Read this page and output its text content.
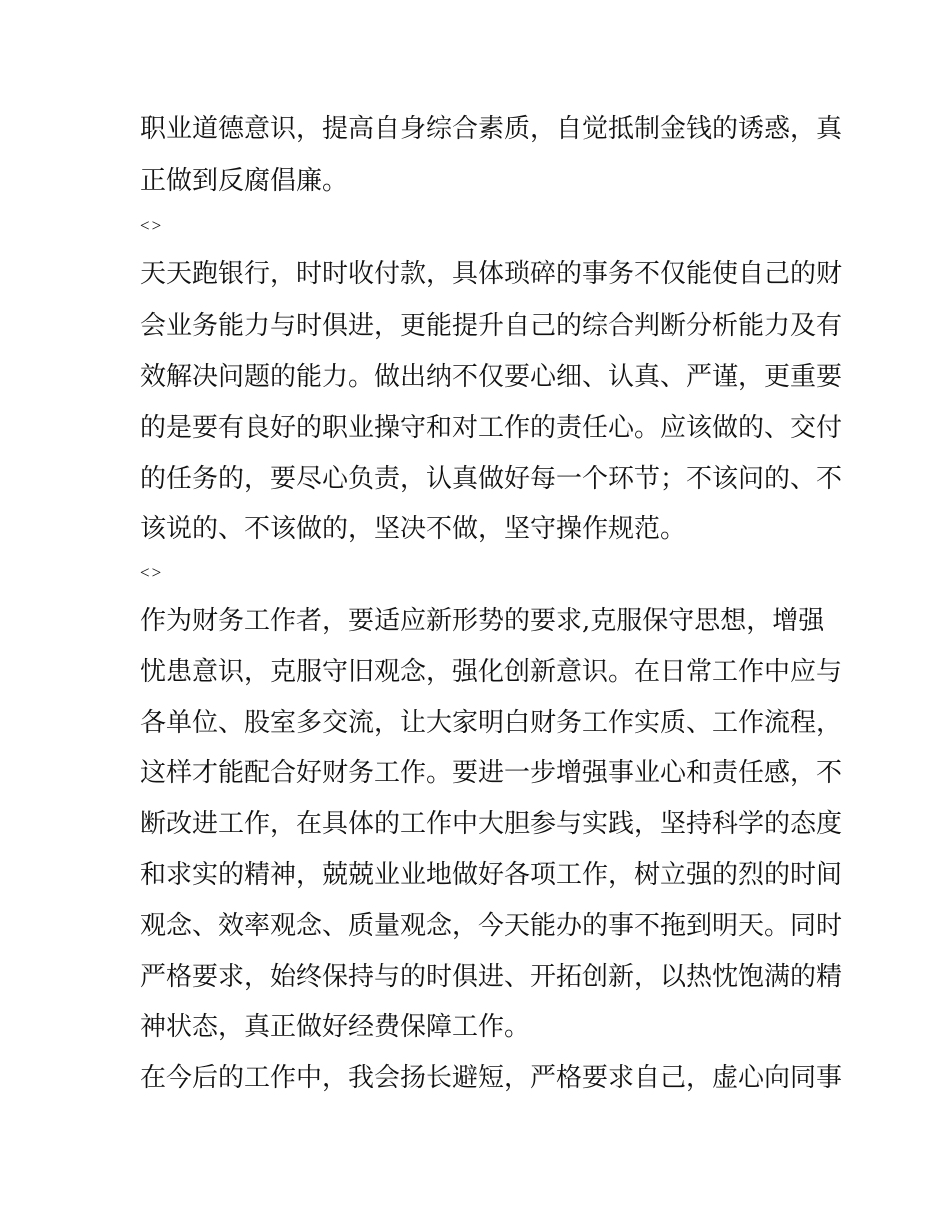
职业道德意识，提高自身综合素质，自觉抵制金钱的诱惑，真
正做到反腐倡廉。
<>
天天跑银行，时时收付款，具体琐碎的事务不仅能使自己的财
会业务能力与时俱进，更能提升自己的综合判断分析能力及有
效解决问题的能力。做出纳不仅要心细、认真、严谨，更重要
的是要有良好的职业操守和对工作的责任心。应该做的、交付
的任务的，要尽心负责，认真做好每一个环节；不该问的、不
该说的、不该做的，坚决不做，坚守操作规范。
<>
作为财务工作者，要适应新形势的要求,克服保守思想，增强
忧患意识，克服守旧观念，强化创新意识。在日常工作中应与
各单位、股室多交流，让大家明白财务工作实质、工作流程，
这样才能配合好财务工作。要进一步增强事业心和责任感，不
断改进工作，在具体的工作中大胆参与实践，坚持科学的态度
和求实的精神，兢兢业业地做好各项工作，树立强的烈的时间
观念、效率观念、质量观念，今天能办的事不拖到明天。同时
严格要求，始终保持与的时俱进、开拓创新，以热忱饱满的精
神状态，真正做好经费保障工作。
在今后的工作中，我会扬长避短，严格要求自己，虚心向同事
